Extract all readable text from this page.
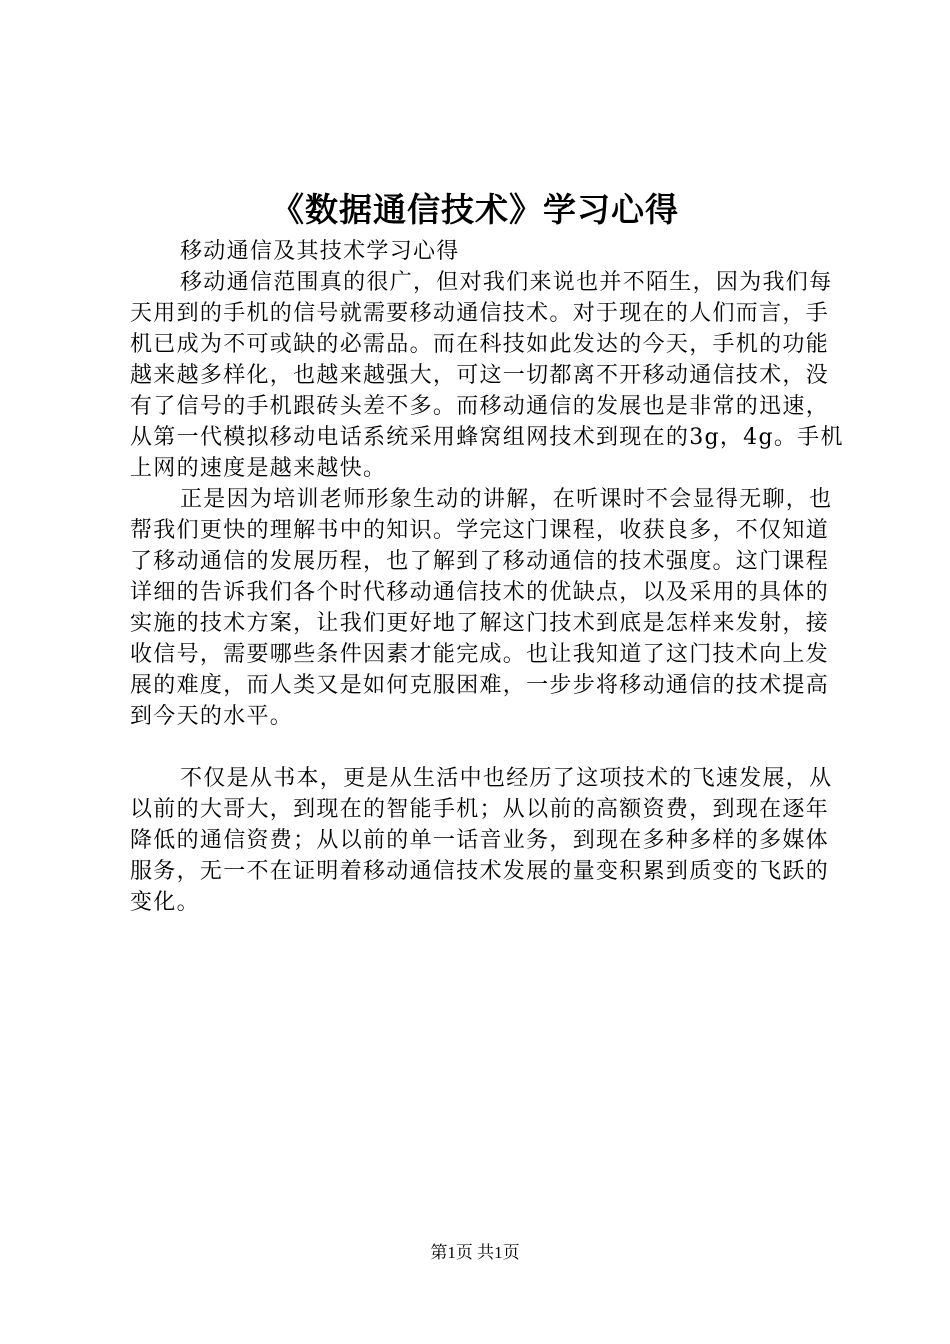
《数据通信技术》学习心得

移动通信及其技术学习心得

移动通信范围真的很广，但对我们来说也并不陌生，因为我们每天用到的手机的信号就需要移动通信技术。对于现在的人们而言，手机已成为不可或缺的必需品。而在科技如此发达的今天，手机的功能越来越多样化，也越来越强大，可这一切都离不开移动通信技术，没有了信号的手机跟砖头差不多。而移动通信的发展也是非常的迅速，从第一代模拟移动电话系统采用蜂窝组网技术到现在的3g，4g。手机上网的速度是越来越快。

正是因为培训老师形象生动的讲解，在听课时不会显得无聊，也帮我们更快的理解书中的知识。学完这门课程，收获良多，不仅知道了移动通信的发展历程，也了解到了移动通信的技术强度。这门课程详细的告诉我们各个时代移动通信技术的优缺点，以及采用的具体的实施的技术方案，让我们更好地了解这门技术到底是怎样来发射，接收信号，需要哪些条件因素才能完成。也让我知道了这门技术向上发展的难度，而人类又是如何克服困难，一步步将移动通信的技术提高到今天的水平。

不仅是从书本，更是从生活中也经历了这项技术的飞速发展，从以前的大哥大，到现在的智能手机；从以前的高额资费，到现在逐年降低的通信资费；从以前的单一话音业务，到现在多种多样的多媒体服务，无一不在证明着移动通信技术发展的量变积累到质变的飞跃的变化。

第1页 共1页
